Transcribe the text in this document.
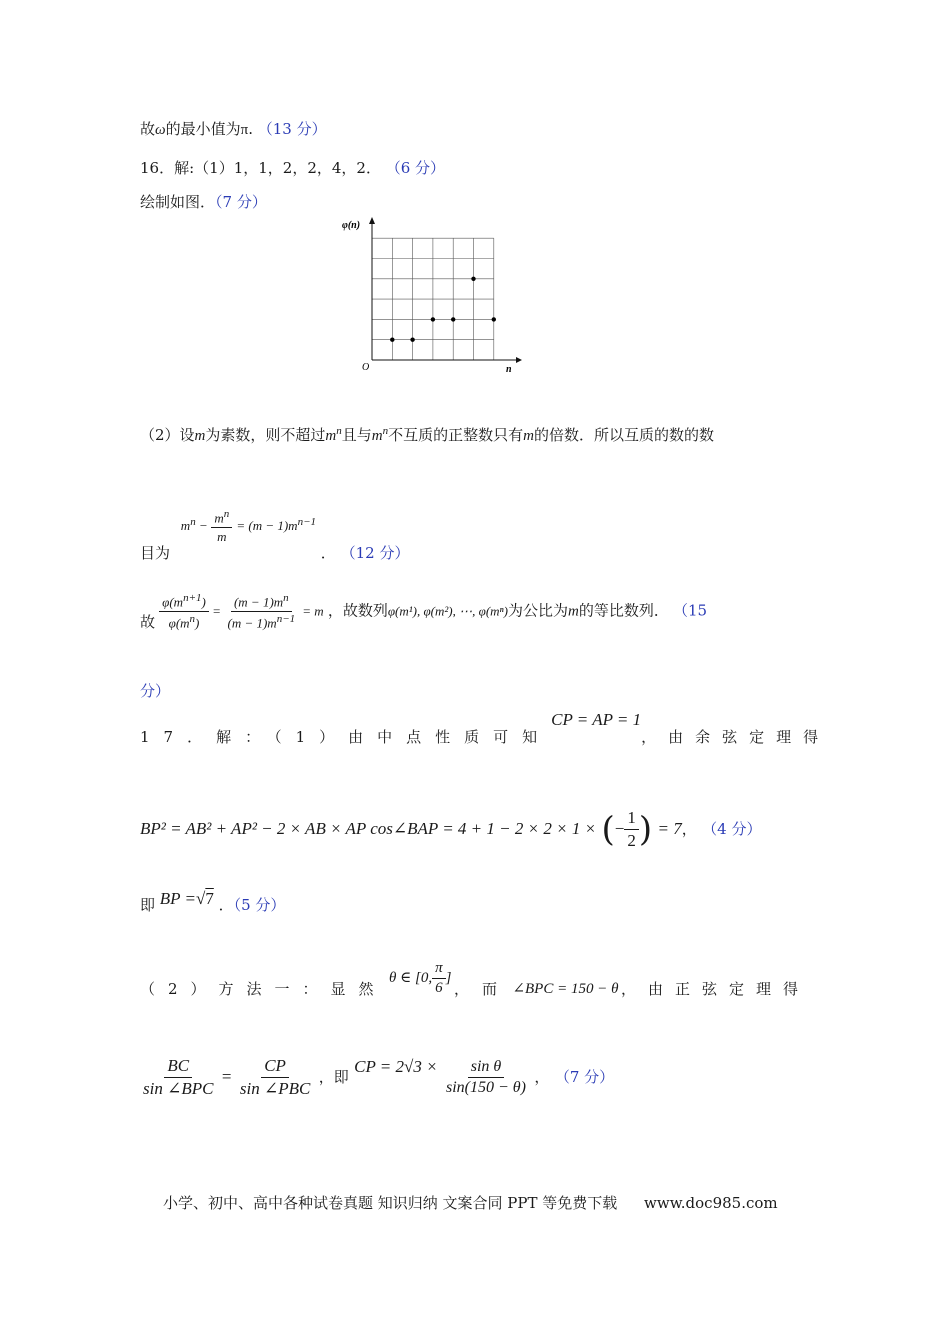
故ω的最小值为π. （13 分）
16．解:（1）1，1，2，2，4，2． （6 分）
绘制如图．（7 分）
φ(n)
n
O
（2）设m为素数，则不超过$m^n$且与$m^n$不互质的正整数只有m的倍数．所以互质的数的数
目为 $m^n - \frac{m^n}{m} = (m - 1)m^{n-1}$ ． （12 分）
故 $\frac{\varphi(m^{n+1})}{\varphi(m^n)} = \frac{(m - 1)m^n}{(m - 1)m^{n-1}} = m$ ，故数列φ(m¹), φ(m²), ⋯, φ(mⁿ)为公比为m的等比数列． （15
分）
17．解：（1）由中点性质可知
CP = AP = 1
，由余弦定理得
BP² = AB² + AP² − 2 × AB × AP cos∠BAP = 4 + 1 − 2 × 2 × 1 × (− $\frac{1}{2}$ ) = 7， （4 分）
即 BP =√7 ．（5 分）
（2）方法一：显然
θ ∈ [0, $\frac{\pi}{6}$ ]
，而 ∠BPC = 150 − θ ，由正弦定理得
$\frac{BC}{\text{sin ∠BPC}} = \frac{CP}{\text{sin ∠PBC}}$ ，即 CP = $2√3 \times \frac{\text{sin θ}}{\sin(150 - \theta)}$ ， （7 分）
小学、初中、高中各种试卷真题 知识归纳 文案合同 PPT 等免费下载 www.doc985.com
